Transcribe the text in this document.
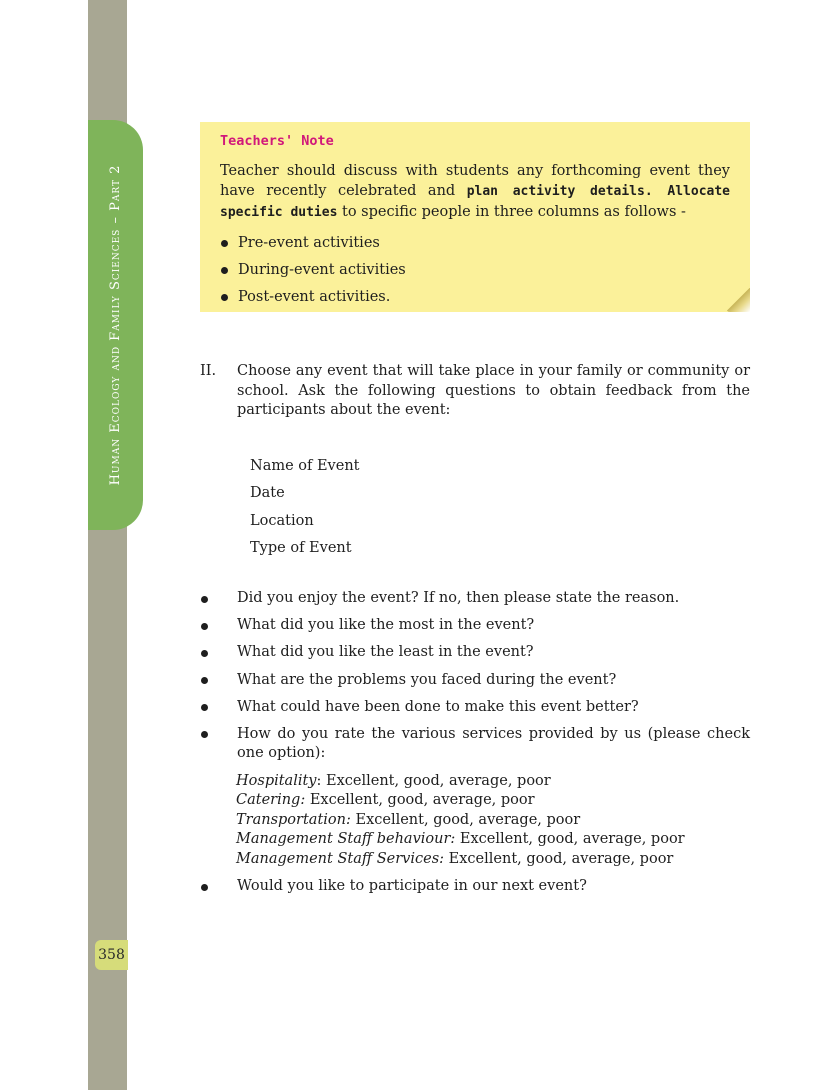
Human Ecology and Family Sciences – Part 2
358
Teachers' Note

Teacher should discuss with students any forthcoming event they have recently celebrated and plan activity details. Allocate specific duties to specific people in three columns as follows -

Pre-event activities
During-event activities
Post-event activities.
II. Choose any event that will take place in your family or community or school. Ask the following questions to obtain feedback from the participants about the event:
Name of Event
Date
Location
Type of Event
Did you enjoy the event? If no, then please state the reason.
What did you like the most in the event?
What did you like the least in the event?
What are the problems you faced during the event?
What could have been done to make this event better?
How do you rate the various services provided by us (please check one option):
Hospitality: Excellent, good, average, poor
Catering: Excellent, good, average, poor
Transportation: Excellent, good, average, poor
Management Staff behaviour: Excellent, good, average, poor
Management Staff Services: Excellent, good, average, poor
Would you like to participate in our next event?
